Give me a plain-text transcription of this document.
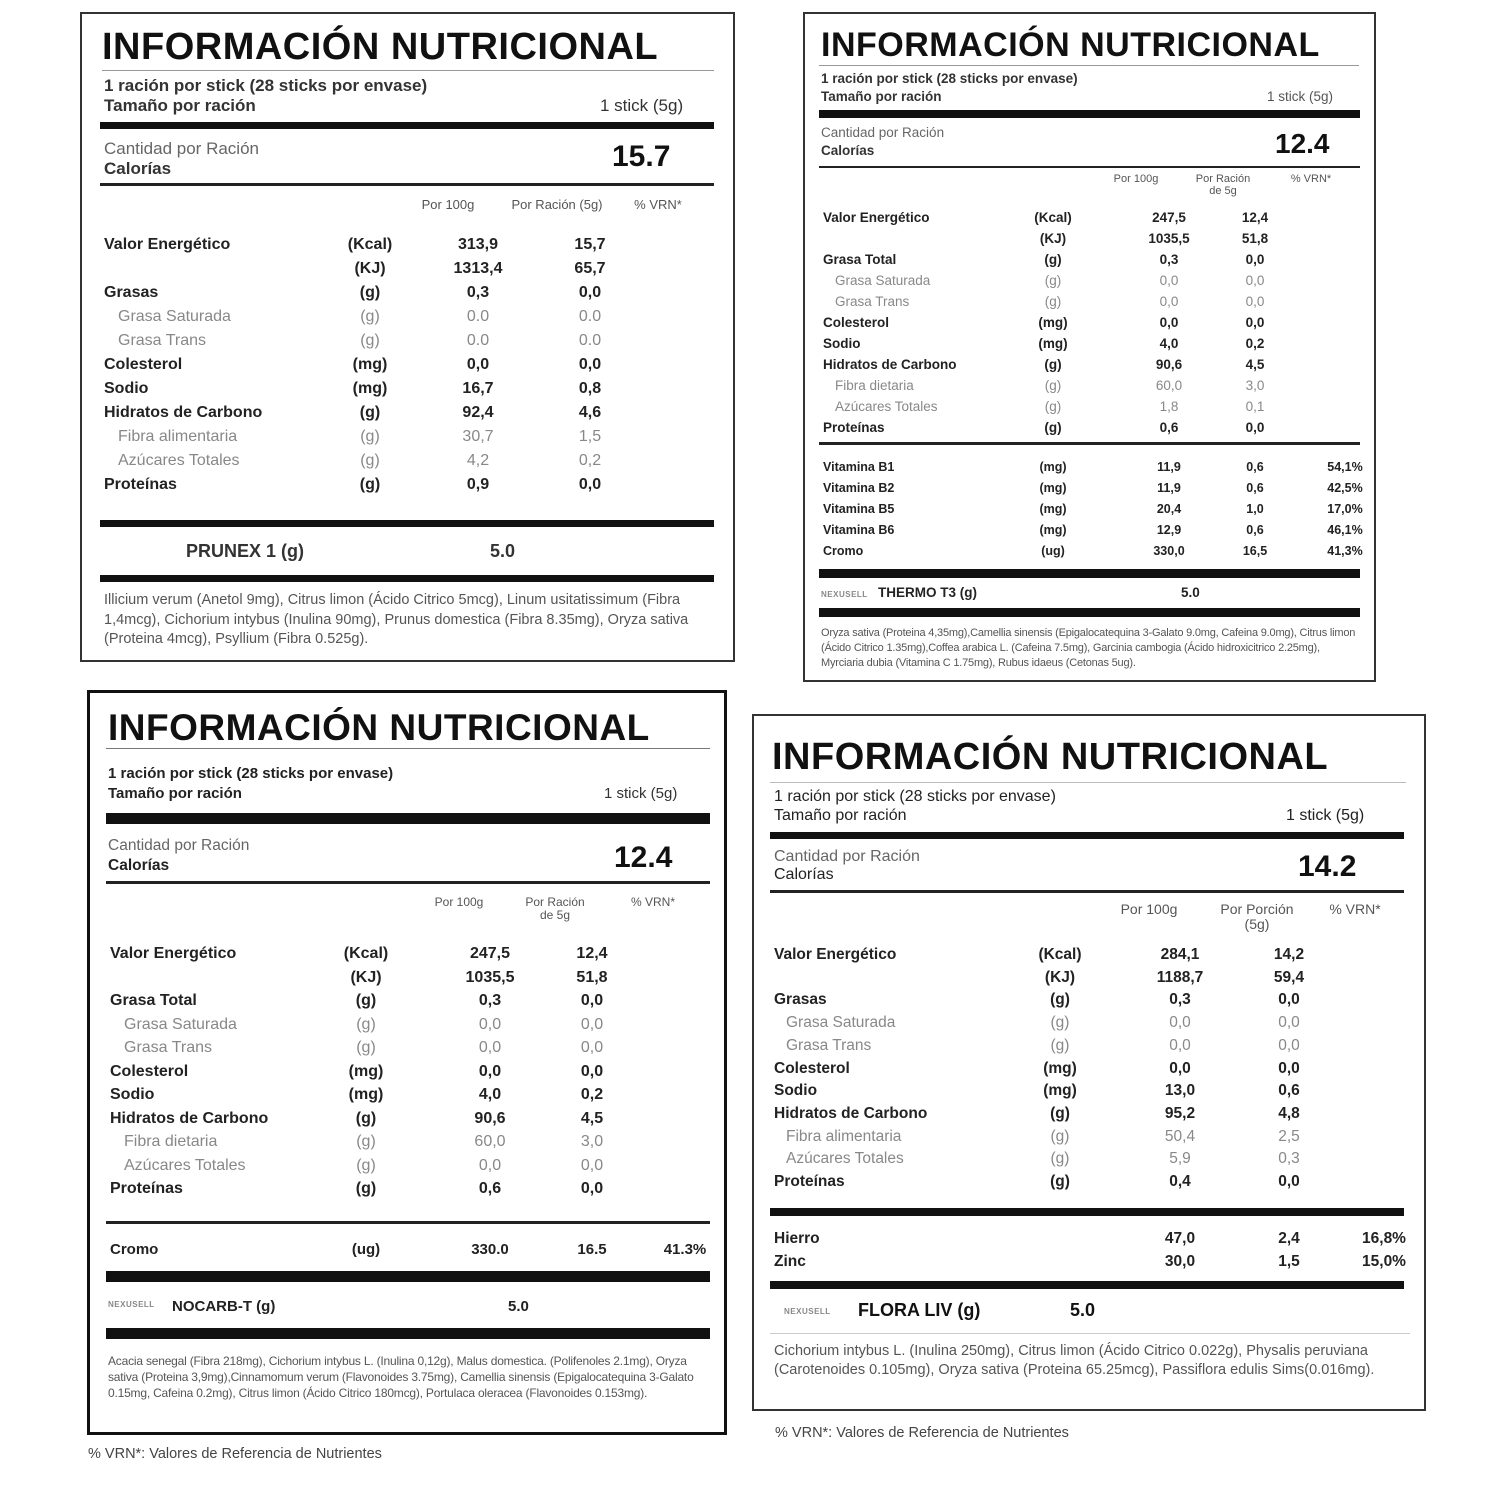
INFORMACIÓN NUTRICIONAL
1 ración por stick (28 sticks por envase)
Tamaño por ración	1 stick (5g)
Cantidad por Ración
Calorías	15.7
Por 100g	Por Ración (5g)	% VRN*
Valor Energético	(Kcal)	313,9	15,7
(KJ)	1313,4	65,7
Grasas	(g)	0,3	0,0
Grasa Saturada	(g)	0.0	0.0
Grasa Trans	(g)	0.0	0.0
Colesterol	(mg)	0,0	0,0
Sodio	(mg)	16,7	0,8
Hidratos de Carbono	(g)	92,4	4,6
Fibra alimentaria	(g)	30,7	1,5
Azúcares Totales	(g)	4,2	0,2
Proteínas	(g)	0,9	0,0
PRUNEX 1 (g)	5.0
Illicium verum (Anetol 9mg), Citrus limon (Ácido Citrico 5mcg), Linum usitatissimum (Fibra 1,4mcg), Cichorium intybus (Inulina 90mg), Prunus domestica (Fibra 8.35mg), Oryza sativa (Proteina 4mcg), Psyllium (Fibra 0.525g).
INFORMACIÓN NUTRICIONAL
1 ración por stick (28 sticks por envase)
Tamaño por ración	1 stick (5g)
Cantidad por Ración
Calorías	12.4
Por 100g	Por Ración de 5g
% VRN*
Valor Energético	(Kcal)	247,5	12,4
(KJ)	1035,5	51,8
Grasa Total	(g)	0,3	0,0
Grasa Saturada	(g)	0,0	0,0
Grasa Trans	(g)	0,0	0,0
Colesterol	(mg)	0,0	0,0
Sodio	(mg)	4,0	0,2
Hidratos de Carbono	(g)	90,6	4,5
Fibra dietaria	(g)	60,0	3,0
Azúcares Totales	(g)	1,8	0,1
Proteínas	(g)	0,6	0,0
Vitamina B1	(mg)	11,9	0,6	54,1%
Vitamina B2	(mg)	11,9	0,6	42,5%
Vitamina B5	(mg)	20,4	1,0	17,0%
Vitamina B6	(mg)	12,9	0,6	46,1%
Cromo	(ug)	330,0	16,5	41,3%
NEXUSELL THERMO T3 (g)	5.0
Oryza sativa (Proteina 4,35mg),Camellia sinensis (Epigalocatequina 3-Galato 9.0mg, Cafeina 9.0mg), Citrus limon (Ácido Citrico 1.35mg),Coffea arabica L. (Cafeina 7.5mg), Garcinia cambogia (Ácido hidroxicitrico 2.25mg), Myrciaria dubia (Vitamina C 1.75mg), Rubus idaeus (Cetonas 5ug).
INFORMACIÓN NUTRICIONAL
1 ración por stick (28 sticks por envase)
Tamaño por ración	1 stick (5g)
Cantidad por Ración
Calorías	12.4
Por 100g	Por Ración de 5g
% VRN*
Valor Energético	(Kcal)	247,5	12,4
(KJ)	1035,5	51,8
Grasa Total	(g)	0,3	0,0
Grasa Saturada	(g)	0,0	0,0
Grasa Trans	(g)	0,0	0,0
Colesterol	(mg)	0,0	0,0
Sodio	(mg)	4,0	0,2
Hidratos de Carbono	(g)	90,6	4,5
Fibra dietaria	(g)	60,0	3,0
Azúcares Totales	(g)	0,0	0,0
Proteínas	(g)	0,6	0,0
Cromo	(ug)	330.0	16.5	41.3%
NEXUSELL NOCARB-T (g)	5.0
Acacia senegal (Fibra 218mg), Cichorium intybus L. (Inulina 0,12g), Malus domestica. (Polifenoles 2.1mg), Oryza sativa (Proteina 3,9mg),Cinnamomum verum (Flavonoides 3.75mg), Camellia sinensis (Epigalocatequina 3-Galato 0.15mg, Cafeina 0.2mg), Citrus limon (Ácido Citrico 180mcg), Portulaca oleracea (Flavonoides 0.153mg).
% VRN*: Valores de Referencia de Nutrientes
INFORMACIÓN NUTRICIONAL
1 ración por stick (28 sticks por envase)
Tamaño por ración	1 stick (5g)
Cantidad por Ración
Calorías	14.2
Por 100g	Por Porción (5g)
% VRN*
Valor Energético	(Kcal)	284,1	14,2
(KJ)	1188,7	59,4
Grasas	(g)	0,3	0,0
Grasa Saturada	(g)	0,0	0,0
Grasa Trans	(g)	0,0	0,0
Colesterol	(mg)	0,0	0,0
Sodio	(mg)	13,0	0,6
Hidratos de Carbono	(g)	95,2	4,8
Fibra alimentaria	(g)	50,4	2,5
Azúcares Totales	(g)	5,9	0,3
Proteínas	(g)	0,4	0,0
Hierro	47,0	2,4	16,8%
Zinc	30,0	1,5	15,0%
NEXUSELL FLORA LIV (g)	5.0
Cichorium intybus L. (Inulina 250mg), Citrus limon (Ácido Citrico 0.022g), Physalis peruviana (Carotenoides 0.105mg), Oryza sativa (Proteina 65.25mcg), Passiflora edulis Sims(0.016mg).
% VRN*: Valores de Referencia de Nutrientes
